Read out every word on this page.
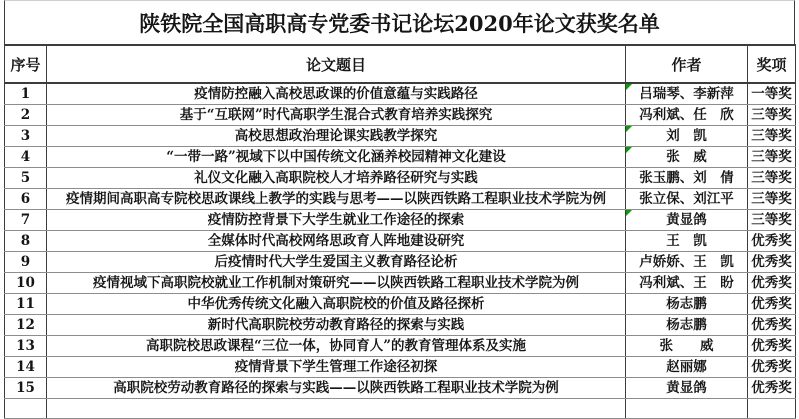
陕铁院全国高职高专党委书记论坛2020年论文获奖名单
序号	论文题目	作者	奖项
1	疫情防控融入高校思政课的价值意蕴与实践路径	吕瑞琴、李新萍	一等奖
2	基于“互联网”时代高职学生混合式教育培养实践探究	冯利斌、任　欣	三等奖
3	高校思想政治理论课实践教学探究	刘　凯	三等奖
4	“一带一路”视域下以中国传统文化涵养校园精神文化建设	张　威	三等奖
5	礼仪文化融入高职院校人才培养路径研究与实践	张玉鹏、刘　倩	三等奖
6	疫情期间高职高专院校思政课线上教学的实践与思考——以陕西铁路工程职业技术学院为例	张立保、刘江平	三等奖
7	疫情防控背景下大学生就业工作途径的探索	黄显鸽	三等奖
8	全媒体时代高校网络思政育人阵地建设研究	王　凯	优秀奖
9	后疫情时代大学生爱国主义教育路径论析	卢娇娇、王　凯	优秀奖
10	疫情视域下高职院校就业工作机制对策研究——以陕西铁路工程职业技术学院为例	冯利斌、王　盼	优秀奖
11	中华优秀传统文化融入高职院校的价值及路径探析	杨志鹏	优秀奖
12	新时代高职院校劳动教育路径的探索与实践	杨志鹏	优秀奖
13	高职院校思政课程“三位一体，协同育人”的教育管理体系及实施	张　　威	优秀奖
14	疫情背景下学生管理工作途径初探	赵丽娜	优秀奖
15	高职院校劳动教育路径的探索与实践——以陕西铁路工程职业技术学院为例	黄显鸽	优秀奖
